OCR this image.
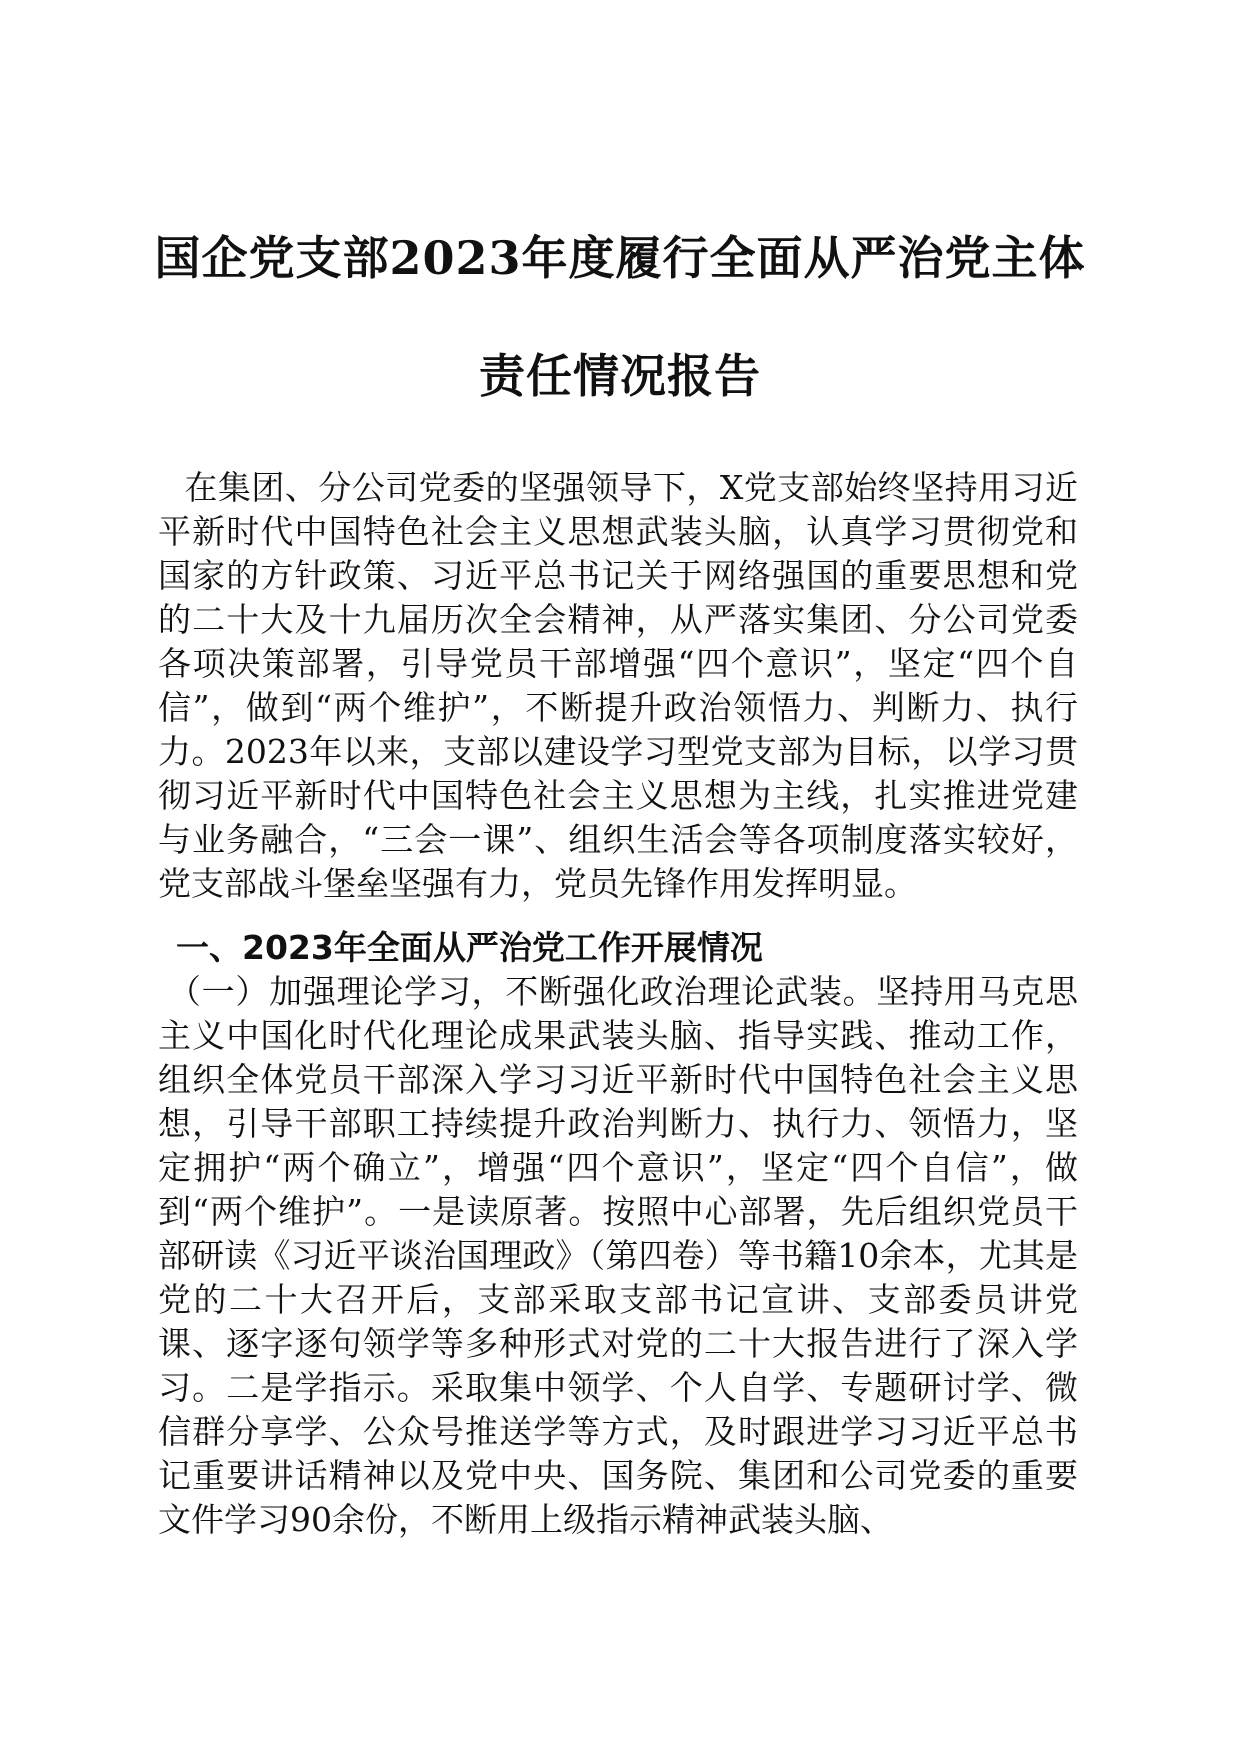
国企党支部2023年度履行全面从严治党主体
责任情况报告

在集团、分公司党委的坚强领导下，X党支部始终坚持用习近平新时代中国特色社会主义思想武装头脑，认真学习贯彻党和国家的方针政策、习近平总书记关于网络强国的重要思想和党的二十大及十九届历次全会精神，从严落实集团、分公司党委各项决策部署，引导党员干部增强“四个意识”，坚定“四个自信”，做到“两个维护”，不断提升政治领悟力、判断力、执行力。2023年以来，支部以建设学习型党支部为目标，以学习贯彻习近平新时代中国特色社会主义思想为主线，扎实推进党建与业务融合，“三会一课”、组织生活会等各项制度落实较好，党支部战斗堡垒坚强有力，党员先锋作用发挥明显。

一、2023年全面从严治党工作开展情况

（一）加强理论学习，不断强化政治理论武装。坚持用马克思主义中国化时代化理论成果武装头脑、指导实践、推动工作，组织全体党员干部深入学习习近平新时代中国特色社会主义思想，引导干部职工持续提升政治判断力、执行力、领悟力，坚定拥护“两个确立”，增强“四个意识”，坚定“四个自信”，做到“两个维护”。一是读原著。按照中心部署，先后组织党员干部研读《习近平谈治国理政》（第四卷）等书籍10余本，尤其是党的二十大召开后，支部采取支部书记宣讲、支部委员讲党课、逐字逐句领学等多种形式对党的二十大报告进行了深入学习。二是学指示。采取集中领学、个人自学、专题研讨学、微信群分享学、公众号推送学等方式，及时跟进学习习近平总书记重要讲话精神以及党中央、国务院、集团和公司党委的重要文件学习90余份，不断用上级指示精神武装头脑、
